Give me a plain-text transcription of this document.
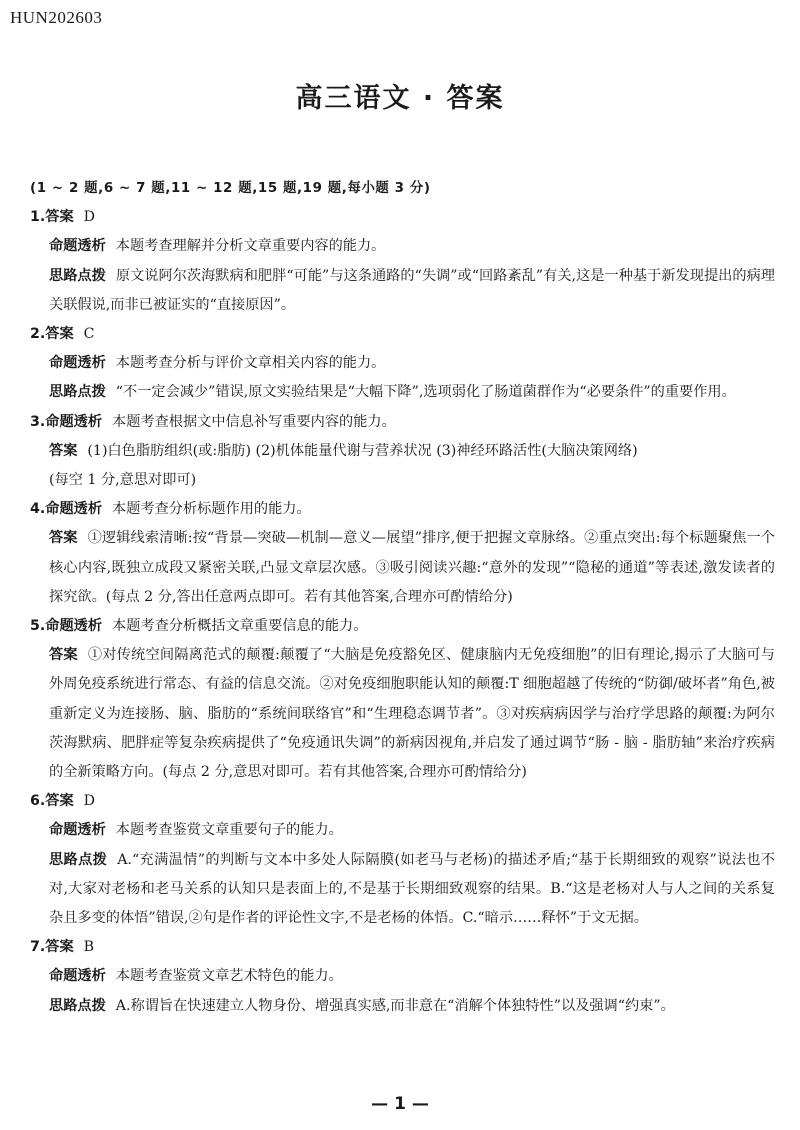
HUN202603
高三语文 · 答案

(1 ~ 2 题,6 ~ 7 题,11 ~ 12 题,15 题,19 题,每小题 3 分)

1.答案 D

命题透析 本题考查理解并分析文章重要内容的能力。

思路点拨 原文说阿尔茨海默病和肥胖“可能”与这条通路的“失调”或“回路紊乱”有关,这是一种基于新发现提出的病理关联假说,而非已被证实的“直接原因”。

2.答案 C

命题透析 本题考查分析与评价文章相关内容的能力。

思路点拨 “不一定会减少”错误,原文实验结果是“大幅下降”,选项弱化了肠道菌群作为“必要条件”的重要作用。

3.命题透析 本题考查根据文中信息补写重要内容的能力。

答案 (1)白色脂肪组织(或:脂肪) (2)机体能量代谢与营养状况 (3)神经环路活性(大脑决策网络)

(每空 1 分,意思对即可)

4.命题透析 本题考查分析标题作用的能力。

答案 ①逻辑线索清晰:按“背景—突破—机制—意义—展望”排序,便于把握文章脉络。②重点突出:每个标题聚焦一个核心内容,既独立成段又紧密关联,凸显文章层次感。③吸引阅读兴趣:“意外的发现”“隐秘的通道”等表述,激发读者的探究欲。(每点 2 分,答出任意两点即可。若有其他答案,合理亦可酌情给分)

5.命题透析 本题考查分析概括文章重要信息的能力。

答案 ①对传统空间隔离范式的颠覆:颠覆了“大脑是免疫豁免区、健康脑内无免疫细胞”的旧有理论,揭示了大脑可与外周免疫系统进行常态、有益的信息交流。②对免疫细胞职能认知的颠覆:T 细胞超越了传统的“防御/破坏者”角色,被重新定义为连接肠、脑、脂肪的“系统间联络官”和“生理稳态调节者”。③对疾病病因学与治疗学思路的颠覆:为阿尔茨海默病、肥胖症等复杂疾病提供了“免疫通讯失调”的新病因视角,并启发了通过调节“肠 - 脑 - 脂肪轴”来治疗疾病的全新策略方向。(每点 2 分,意思对即可。若有其他答案,合理亦可酌情给分)

6.答案 D

命题透析 本题考查鉴赏文章重要句子的能力。

思路点拨 A.“充满温情”的判断与文本中多处人际隔膜(如老马与老杨)的描述矛盾;“基于长期细致的观察”说法也不对,大家对老杨和老马关系的认知只是表面上的,不是基于长期细致观察的结果。B.“这是老杨对人与人之间的关系复杂且多变的体悟”错误,②句是作者的评论性文字,不是老杨的体悟。C.“暗示……释怀”于文无据。

7.答案 B

命题透析 本题考查鉴赏文章艺术特色的能力。

思路点拨 A.称谓旨在快速建立人物身份、增强真实感,而非意在“消解个体独特性”以及强调“约束”。

— 1 —
